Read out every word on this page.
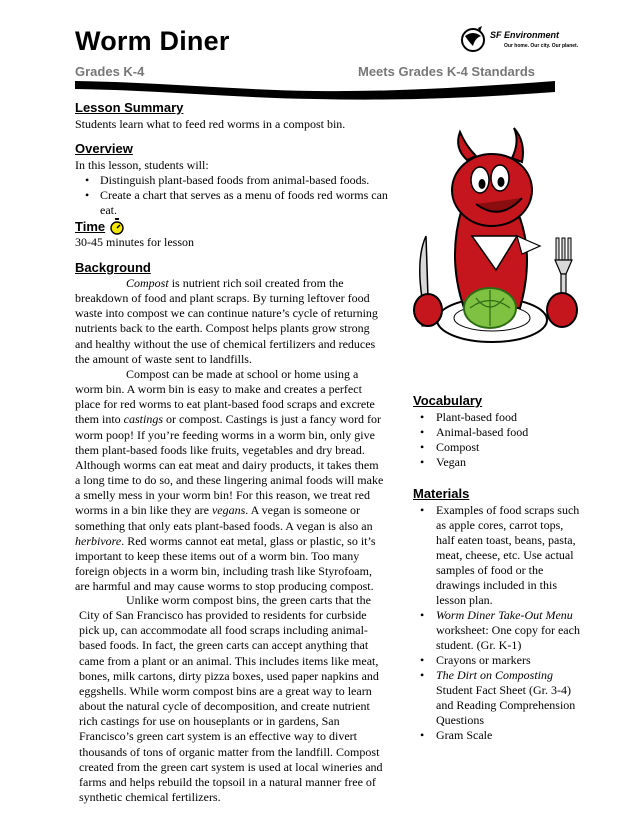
Worm Diner
Grades K-4	Meets Grades K-4 Standards
SF Environment
Our home. Our city. Our planet.
Lesson Summary
Students learn what to feed red worms in a compost bin.
Overview
In this lesson, students will:
• Distinguish plant-based foods from animal-based foods.
• Create a chart that serves as a menu of foods red worms can eat.
Time
30-45 minutes for lesson
Background

Compost is nutrient rich soil created from the breakdown of food and plant scraps. By turning leftover food waste into compost we can continue nature’s cycle of returning nutrients back to the earth. Compost helps plants grow strong and healthy without the use of chemical fertilizers and reduces the amount of waste sent to landfills.

Compost can be made at school or home using a worm bin. A worm bin is easy to make and creates a perfect place for red worms to eat plant-based food scraps and excrete them into castings or compost. Castings is just a fancy word for worm poop! If you’re feeding worms in a worm bin, only give them plant-based foods like fruits, vegetables and dry bread. Although worms can eat meat and dairy products, it takes them a long time to do so, and these lingering animal foods will make a smelly mess in your worm bin! For this reason, we treat red worms in a bin like they are vegans. A vegan is someone or something that only eats plant-based foods. A vegan is also an herbivore. Red worms cannot eat metal, glass or plastic, so it’s important to keep these items out of a worm bin. Too many foreign objects in a worm bin, including trash like Styrofoam, are harmful and may cause worms to stop producing compost.

Unlike worm compost bins, the green carts that the City of San Francisco has provided to residents for curbside pick up, can accommodate all food scraps including animal-based foods. In fact, the green carts can accept anything that came from a plant or an animal. This includes items like meat, bones, milk cartons, dirty pizza boxes, used paper napkins and eggshells. While worm compost bins are a great way to learn about the natural cycle of decomposition, and create nutrient rich castings for use on houseplants or in gardens, San Francisco’s green cart system is an effective way to divert thousands of tons of organic matter from the landfill. Compost created from the green cart system is used at local wineries and farms and helps rebuild the topsoil in a natural manner free of synthetic chemical fertilizers.

Vocabulary
• Plant-based food
• Animal-based food
• Compost
• Vegan
Materials
• Examples of food scraps such as apple cores, carrot tops, half eaten toast, beans, pasta, meat, cheese, etc. Use actual samples of food or the drawings included in this lesson plan.
• Worm Diner Take-Out Menu worksheet: One copy for each student. (Gr. K-1)
• Crayons or markers
• The Dirt on Composting Student Fact Sheet (Gr. 3-4) and Reading Comprehension Questions
• Gram Scale
